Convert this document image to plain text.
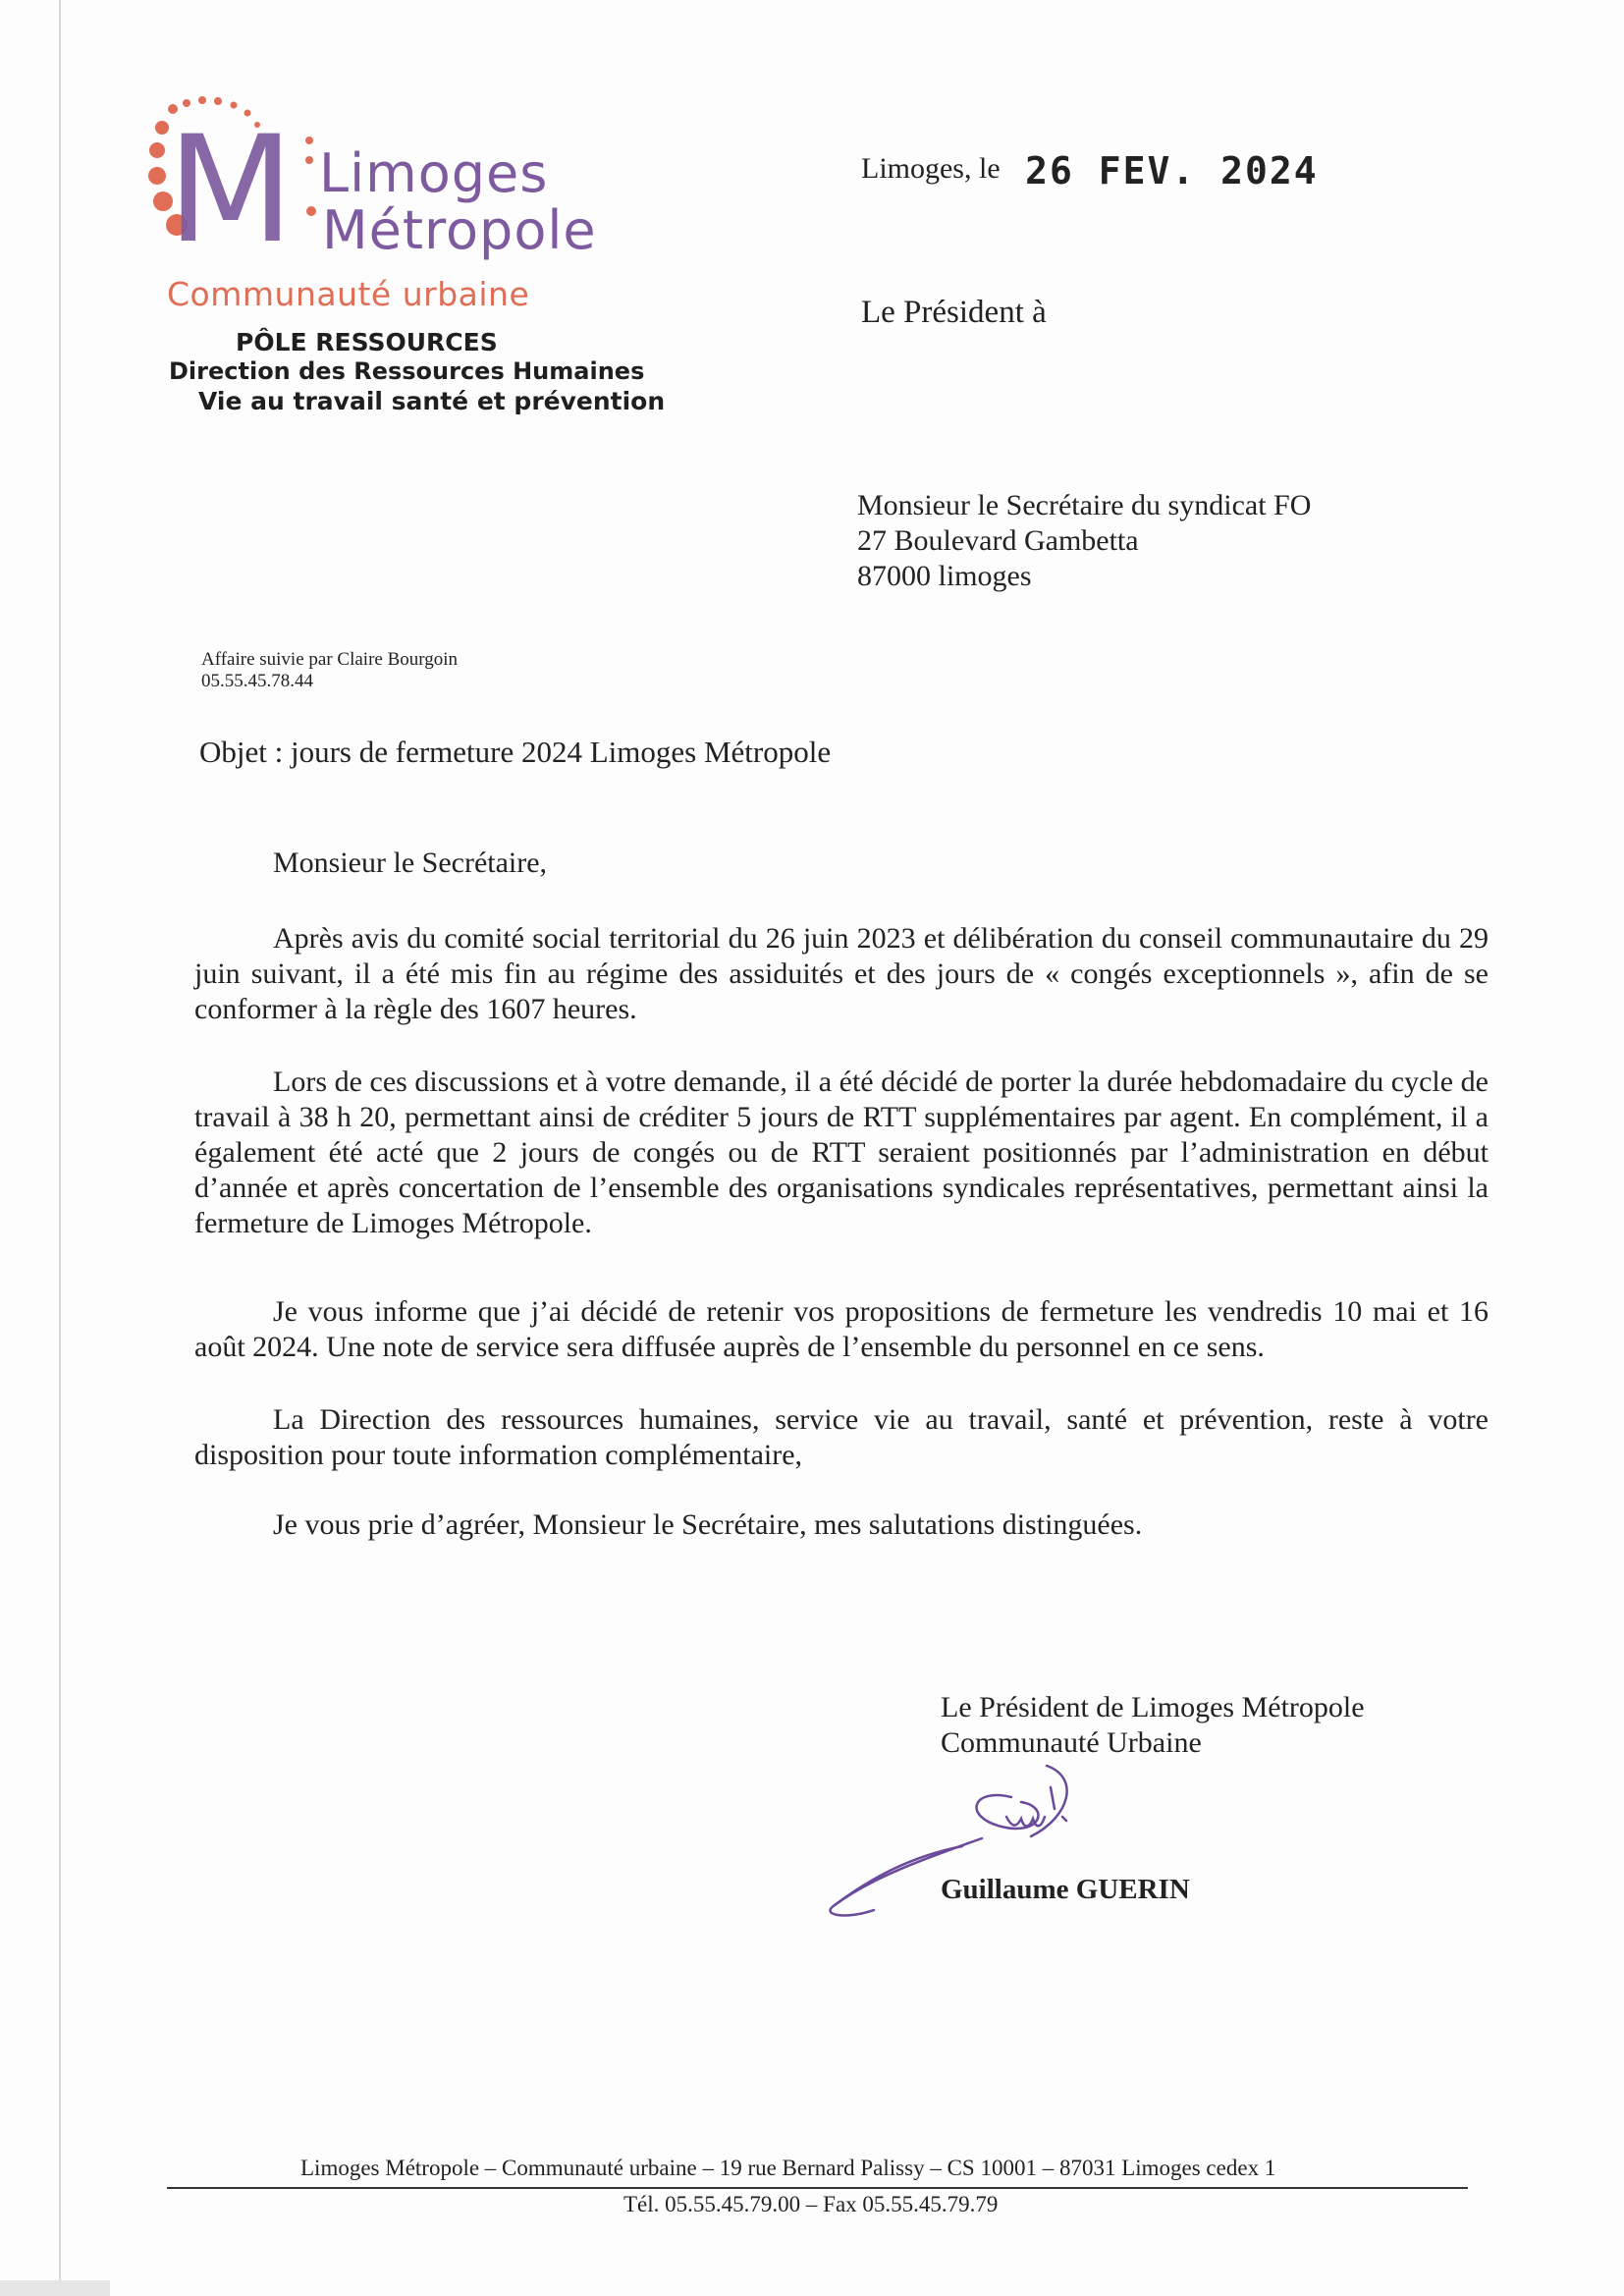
M Limoges
Métropole
Communauté urbaine
PÔLE RESSOURCES
Direction des Ressources Humaines
Vie au travail santé et prévention
Limoges, le 26 FEV. 2024
Le Président à
Monsieur le Secrétaire du syndicat FO
27 Boulevard Gambetta
87000 limoges
Affaire suivie par Claire Bourgoin
05.55.45.78.44
Objet : jours de fermeture 2024 Limoges Métropole
Monsieur le Secrétaire,

Après avis du comité social territorial du 26 juin 2023 et délibération du conseil communautaire du 29 juin suivant, il a été mis fin au régime des assiduités et des jours de « congés exceptionnels », afin de se conformer à la règle des 1607 heures.

Lors de ces discussions et à votre demande, il a été décidé de porter la durée hebdomadaire du cycle de travail à 38 h 20, permettant ainsi de créditer 5 jours de RTT supplémentaires par agent. En complément, il a également été acté que 2 jours de congés ou de RTT seraient positionnés par l’administration en début d’année et après concertation de l’ensemble des organisations syndicales représentatives, permettant ainsi la fermeture de Limoges Métropole.

Je vous informe que j’ai décidé de retenir vos propositions de fermeture les vendredis 10 mai et 16 août 2024. Une note de service sera diffusée auprès de l’ensemble du personnel en ce sens.

La Direction des ressources humaines, service vie au travail, santé et prévention, reste à votre disposition pour toute information complémentaire,

Je vous prie d’agréer, Monsieur le Secrétaire, mes salutations distinguées.

Le Président de Limoges Métropole
Communauté Urbaine
Guillaume GUERIN
Limoges Métropole – Communauté urbaine – 19 rue Bernard Palissy – CS 10001 – 87031 Limoges cedex 1
Tél. 05.55.45.79.00 – Fax 05.55.45.79.79
